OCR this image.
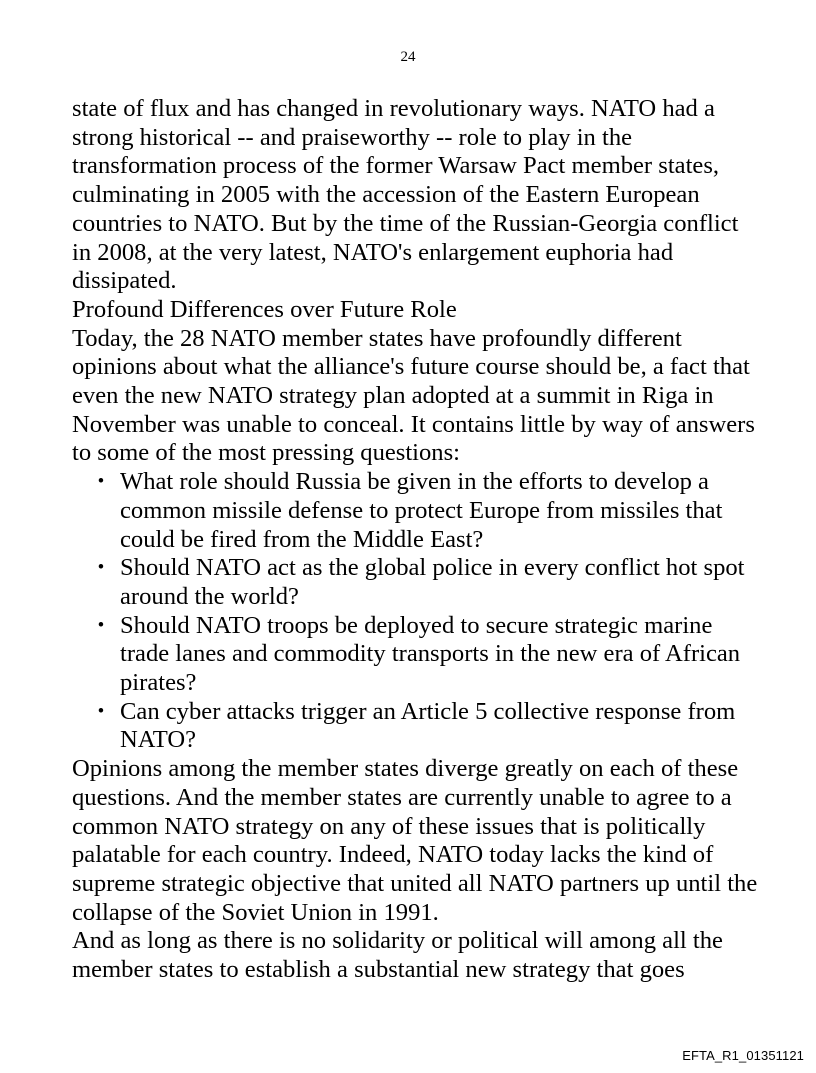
24

state of flux and has changed in revolutionary ways. NATO had a strong historical -- and praiseworthy -- role to play in the transformation process of the former Warsaw Pact member states, culminating in 2005 with the accession of the Eastern European countries to NATO. But by the time of the Russian-Georgia conflict in 2008, at the very latest, NATO's enlargement euphoria had dissipated.

Profound Differences over Future Role

Today, the 28 NATO member states have profoundly different opinions about what the alliance's future course should be, a fact that even the new NATO strategy plan adopted at a summit in Riga in November was unable to conceal. It contains little by way of answers to some of the most pressing questions:

• What role should Russia be given in the efforts to develop a common missile defense to protect Europe from missiles that could be fired from the Middle East?
• Should NATO act as the global police in every conflict hot spot around the world?
• Should NATO troops be deployed to secure strategic marine trade lanes and commodity transports in the new era of African pirates?
• Can cyber attacks trigger an Article 5 collective response from NATO?

Opinions among the member states diverge greatly on each of these questions. And the member states are currently unable to agree to a common NATO strategy on any of these issues that is politically palatable for each country. Indeed, NATO today lacks the kind of supreme strategic objective that united all NATO partners up until the collapse of the Soviet Union in 1991.

And as long as there is no solidarity or political will among all the member states to establish a substantial new strategy that goes

EFTA_R1_01351121
